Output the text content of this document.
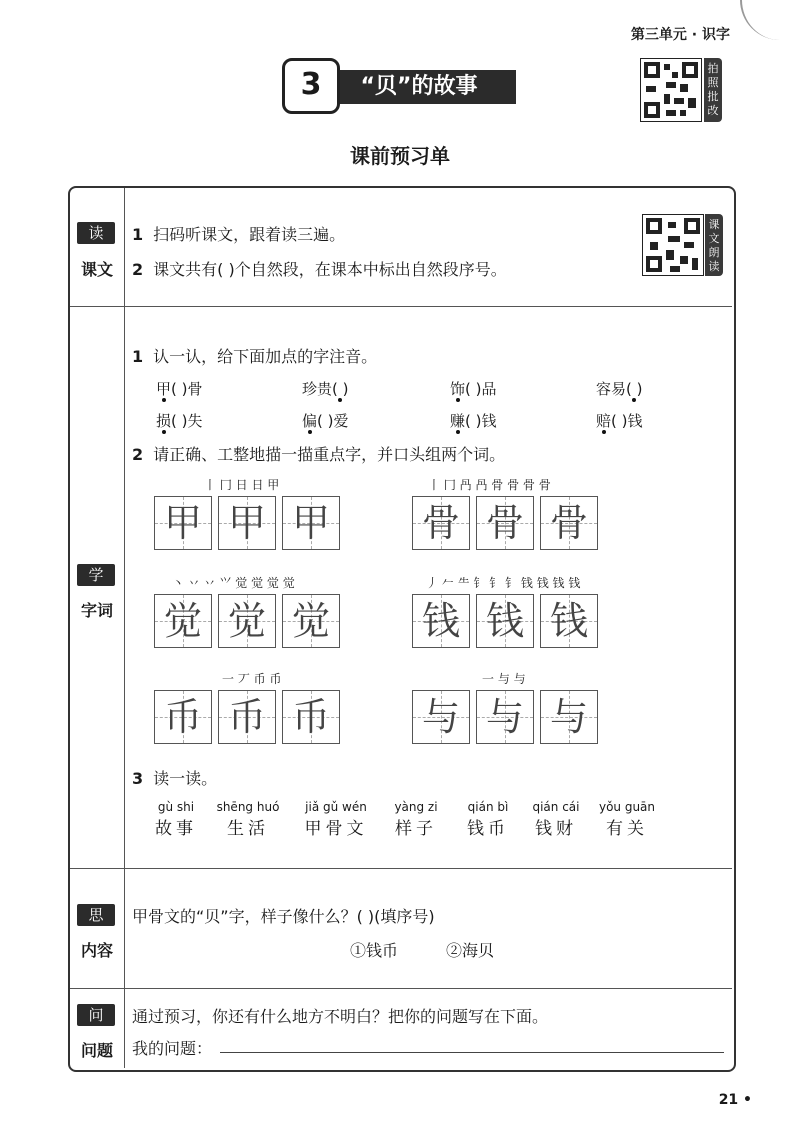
第三单元 · 识字
3	“贝”的故事
拍照批改
课前预习单
读
课文
1 扫码听课文，跟着读三遍。
2 课文共有( )个自然段，在课本中标出自然段序号。
课文朗读
学
字词
1 认一认，给下面加点的字注音。
甲( )骨	珍贵( )	饰( )品	容易( )
损( )失	偏( )爱	赚( )钱	赔( )钱
2 请正确、工整地描一描重点字，并口头组两个词。
丨 冂 日 日 甲
甲 甲 甲
丨 冂 冎 冎 骨 骨 骨 骨
骨 骨 骨
丶 丷 丷 ⺍ 觉 觉 觉 觉
觉 觉 觉
丿 𠂉 ⺧ 钅 钅 钅 钱 钱 钱 钱
钱 钱 钱
一 丆 币 币
币 币 币
一 与 与
与 与 与
3 读一读。
gù shi
故事
shēng huó
生活
jiǎ gǔ wén
甲骨文
yàng zi
样子
qián bì
钱币
qián cái
钱财
yǒu guān
有关
思
内容
甲骨文的“贝”字，样子像什么？( )(填序号)
①钱币	②海贝
问
问题
通过预习，你还有什么地方不明白？把你的问题写在下面。
我的问题：
21 •
